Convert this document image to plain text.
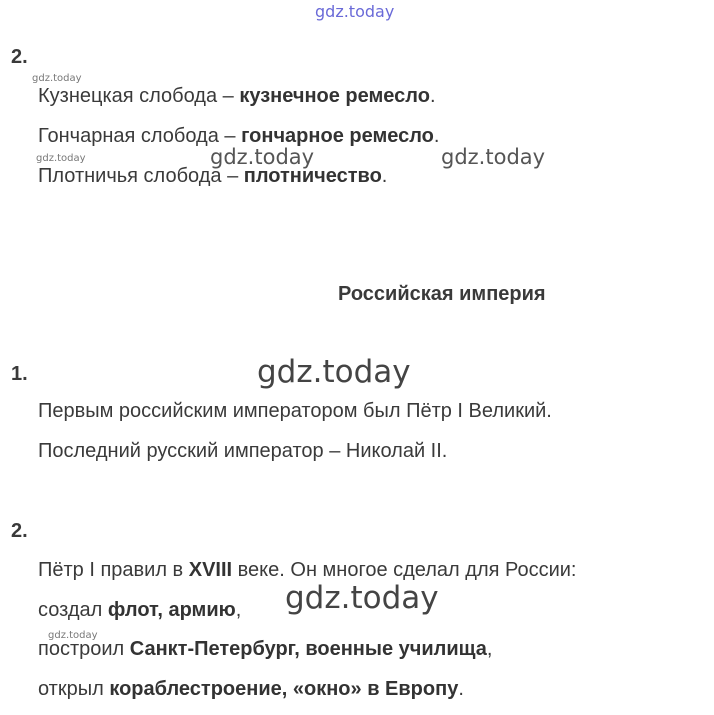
gdz.today
gdz.today
gdz.today	gdz.today	gdz.today
gdz.today
gdz.today
gdz.today
2.
Кузнецкая слобода – кузнечное ремесло.
Гончарная слобода – гончарное ремесло.
Плотничья слобода – плотничество.
Российская империя
1.
Первым российским императором был Пётр I Великий.
Последний русский император – Николай II.
2.
Пётр I правил в XVIII веке. Он многое сделал для России:
создал флот, армию,
построил Санкт-Петербург, военные училища,
открыл кораблестроение, «окно» в Европу.
